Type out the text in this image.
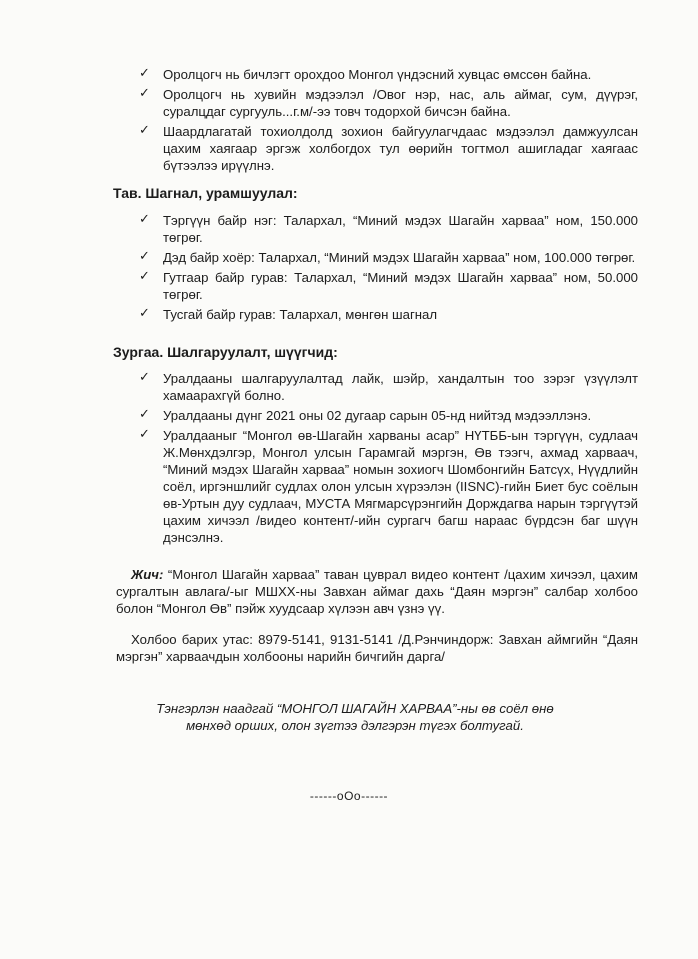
✓ Оролцогч нь бичлэгт орохдоо Монгол үндэсний хувцас өмссөн байна.
✓ Оролцогч нь хувийн мэдээлэл /Овог нэр, нас, аль аймаг, сум, дүүрэг, суралцдаг сургууль...г.м/-ээ товч тодорхой бичсэн байна.
✓ Шаардлагатай тохиолдолд зохион байгуулагчдаас мэдээлэл дамжуулсан цахим хаягаар эргэж холбогдох тул өөрийн тогтмол ашигладаг хаягаас бүтээлээ ирүүлнэ.
Тав. Шагнал, урамшуулал:
✓ Тэргүүн байр нэг: Талархал, “Миний мэдэх Шагайн харваа” ном, 150.000 төгрөг.
✓ Дэд байр хоёр: Талархал, “Миний мэдэх Шагайн харваа” ном, 100.000 төгрөг.
✓ Гутгаар байр гурав: Талархал, “Миний мэдэх Шагайн харваа” ном, 50.000 төгрөг.
✓ Тусгай байр гурав: Талархал, мөнгөн шагнал
Зургаа. Шалгаруулалт, шүүгчид:
✓ Уралдааны шалгаруулалтад лайк, шэйр, хандалтын тоо зэрэг үзүүлэлт хамаарахгүй болно.
✓ Уралдааны дүнг 2021 оны 02 дугаар сарын 05-нд нийтэд мэдээллэнэ.
✓ Уралдааныг “Монгол өв-Шагайн харваны асар” НҮТББ-ын тэргүүн, судлаач Ж.Мөнхдэлгэр, Монгол улсын Гарамгай мэргэн, Өв тээгч, ахмад харваач, “Миний мэдэх Шагайн харваа” номын зохиогч Шомбонгийн Батсүх, Нүүдлийн соёл, иргэншлийг судлах олон улсын хүрээлэн (IISNC)-гийн Биет бус соёлын өв-Уртын дуу судлаач, МУСТА Мягмарсүрэнгийн Дорждагва нарын тэргүүтэй цахим хичээл /видео контент/-ийн сургагч багш нараас бүрдсэн баг шүүн дэнсэлнэ.
Жич: “Монгол Шагайн харваа” таван цуврал видео контент /цахим хичээл, цахим сургалтын авлага/-ыг МШХХ-ны Завхан аймаг дахь “Даян мэргэн” салбар холбоо болон “Монгол Өв” пэйж хуудсаар хүлээн авч үзнэ үү.
Холбоо барих утас: 8979-5141, 9131-5141 /Д.Рэнчиндорж: Завхан аймгийн “Даян мэргэн” харваачдын холбооны нарийн бичгийн дарга/
Тэнгэрлэн наадгай “МОНГОЛ ШАГАЙН ХАРВАА”-ны өв соёл өнө мөнхөд орших, олон зүгтээ дэлгэрэн түгэх болтугай.
------oOo------
